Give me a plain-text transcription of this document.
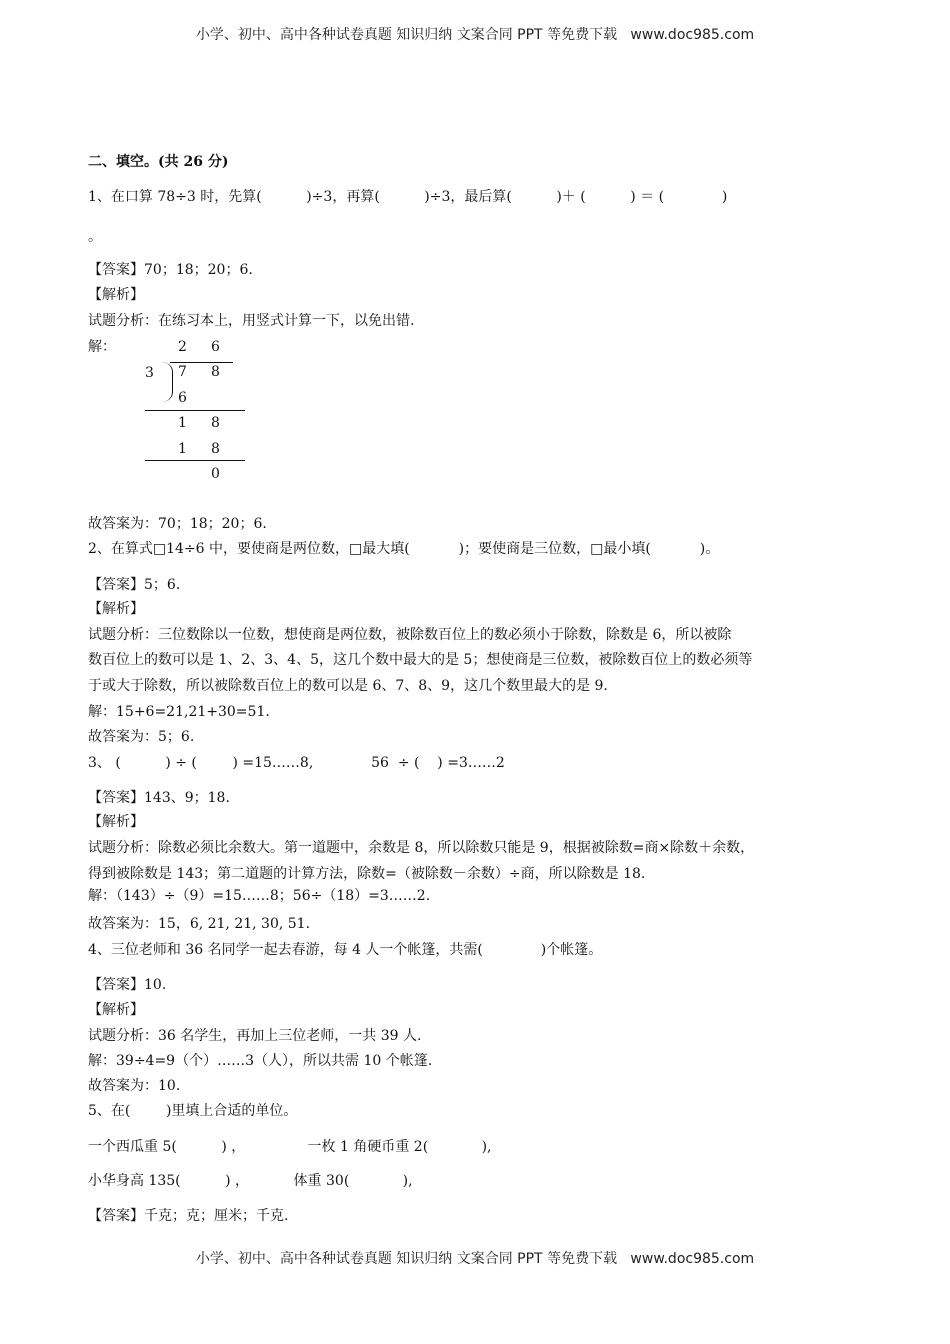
小学、初中、高中各种试卷真题 知识归纳 文案合同 PPT 等免费下载   www.doc985.com
二、填空。(共 26 分)
1、在口算 78÷3 时，先算(          )÷3，再算(          )÷3，最后算(          )＋ (          ) ＝ (             )
。
【答案】70；18；20；6.
【解析】
试题分析：在练习本上，用竖式计算一下，以免出错.
解：	2 6
3 7 8
6
1 8
1 8
0
故答案为：70；18；20；6.
2、在算式□14÷6 中，要使商是两位数，□最大填(           )；要使商是三位数，□最小填(           )。
【答案】5；6.
【解析】
试题分析：三位数除以一位数，想使商是两位数，被除数百位上的数必须小于除数，除数是 6，所以被除
数百位上的数可以是 1、2、3、4、5，这几个数中最大的是 5；想使商是三位数，被除数百位上的数必须等
于或大于除数，所以被除数百位上的数可以是 6、7、8、9，这几个数里最大的是 9.
解：15+6=21,21+30=51.
故答案为：5；6.
3、 (          ) ÷ (        ) =15……8,             56  ÷ (    ) =3……2
【答案】143、9；18.
【解析】
试题分析：除数必须比余数大。第一道题中，余数是 8，所以除数只能是 9，根据被除数=商×除数＋余数，
得到被除数是 143；第二道题的计算方法，除数=（被除数－余数）÷商，所以除数是 18.
解：（143）÷（9）=15……8；56÷（18）=3……2.
故答案为：15，6, 21, 21, 30, 51.
4、三位老师和 36 名同学一起去春游，每 4 人一个帐篷，共需(             )个帐篷。
【答案】10.
【解析】
试题分析：36 名学生，再加上三位老师，一共 39 人.
解：39÷4=9（个）……3（人），所以共需 10 个帐篷.
故答案为：10.
5、在(        )里填上合适的单位。
一个西瓜重 5(          ) ，              一枚 1 角硬币重 2(            ),
小华身高 135(          ) ，          体重 30(            ),
【答案】千克；克；厘米；千克.
小学、初中、高中各种试卷真题 知识归纳 文案合同 PPT 等免费下载   www.doc985.com
